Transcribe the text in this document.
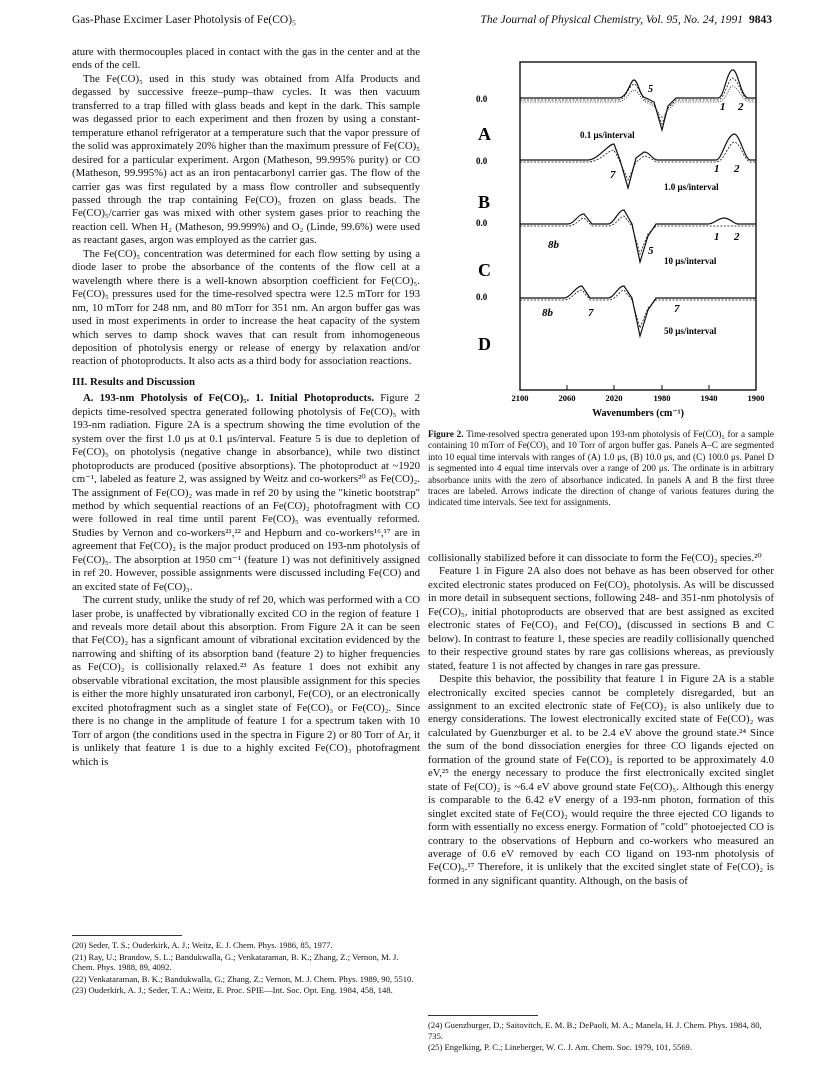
Gas-Phase Excimer Laser Photolysis of Fe(CO)₅	The Journal of Physical Chemistry, Vol. 95, No. 24, 1991 9843

ature with thermocouples placed in contact with the gas in the center and at the ends of the cell.

The Fe(CO)₅ used in this study was obtained from Alfa Products and degassed by successive freeze–pump–thaw cycles. It was then vacuum transferred to a trap filled with glass beads and kept in the dark. This sample was degassed prior to each experiment and then frozen by using a constant-temperature ethanol refrigerator at a temperature such that the vapor pressure of the solid was approximately 20% higher than the maximum pressure of Fe(CO)₅ desired for a particular experiment. Argon (Matheson, 99.995% purity) or CO (Matheson, 99.995%) act as an iron pentacarbonyl carrier gas. The flow of the carrier gas was first regulated by a mass flow controller and subsequently passed through the trap containing Fe(CO)₅ frozen on glass beads. The Fe(CO)₅/carrier gas was mixed with other system gases prior to reaching the reaction cell. When H₂ (Matheson, 99.999%) and O₂ (Linde, 99.6%) were used as reactant gases, argon was employed as the carrier gas.

The Fe(CO)₅ concentration was determined for each flow setting by using a diode laser to probe the absorbance of the contents of the flow cell at a wavelength where there is a well-known absorption coefficient for Fe(CO)₅. Fe(CO)₅ pressures used for the time-resolved spectra were 12.5 mTorr for 193 nm, 10 mTorr for 248 nm, and 80 mTorr for 351 nm. An argon buffer gas was used in most experiments in order to increase the heat capacity of the system which serves to damp shock waves that can result from inhomogeneous deposition of photolysis energy or release of energy by relaxation and/or reaction of photoproducts. It also acts as a third body for association reactions.

III. Results and Discussion

A. 193-nm Photolysis of Fe(CO)₅. 1. Initial Photoproducts. Figure 2 depicts time-resolved spectra generated following photolysis of Fe(CO)₅ with 193-nm radiation. Figure 2A is a spectrum showing the time evolution of the system over the first 1.0 μs at 0.1 μs/interval. Feature 5 is due to depletion of Fe(CO)₅ on photolysis (negative change in absorbance), while two distinct photoproducts are produced (positive absorptions). The photoproduct at ~1920 cm⁻¹, labeled as feature 2, was assigned by Weitz and co-workers²⁰ as Fe(CO)₂. The assignment of Fe(CO)₂ was made in ref 20 by using the "kinetic bootstrap" method by which sequential reactions of an Fe(CO)₂ photofragment with CO were followed in real time until parent Fe(CO)₅ was eventually reformed. Studies by Vernon and co-workers²¹,²² and Hepburn and co-workers¹⁶,¹⁷ are in agreement that Fe(CO)₂ is the major product produced on 193-nm photolysis of Fe(CO)₅. The absorption at 1950 cm⁻¹ (feature 1) was not definitively assigned in ref 20. However, possible assignments were discussed including Fe(CO) and an excited state of Fe(CO)₃.

The current study, unlike the study of ref 20, which was performed with a CO laser probe, is unaffected by vibrationally excited CO in the region of feature 1 and reveals more detail about this absorption. From Figure 2A it can be seen that Fe(CO)₂ has a signficant amount of vibrational excitation evidenced by the narrowing and shifting of its absorption band (feature 2) to higher frequencies as Fe(CO)₂ is collisionally relaxed.²³ As feature 1 does not exhibit any observable vibrational excitation, the most plausible assignment for this species is either the more highly unsaturated iron carbonyl, Fe(CO), or an electronically excited photofragment such as a singlet state of Fe(CO)₃ or Fe(CO)₂. Since there is no change in the amplitude of feature 1 for a spectrum taken with 10 Torr of argon (the conditions used in the spectra in Figure 2) or 80 Torr of Ar, it is unlikely that feature 1 is due to a highly excited Fe(CO)₃ photofragment which is

(20) Seder, T. S.; Ouderkirk, A. J.; Weitz, E. J. Chem. Phys. 1986, 85, 1977.
(21) Ray, U.; Brandow, S. L.; Bandukwalla, G.; Venkataraman, B. K.; Zhang, Z.; Vernon, M. J. Chem. Phys. 1988, 89, 4092.
(22) Venkataraman, B. K.; Bandukwalla, G.; Zhang, Z.; Vernon, M. J. Chem. Phys. 1989, 90, 5510.
(23) Ouderkirk, A. J.; Seder, T. A.; Weitz, E. Proc. SPIE—Int. Soc. Opt. Eng. 1984, 458, 148.
0.0
A
5
1 2
0.1 μs/interval
0.0
B
7	1 2
1.0 μs/interval
0.0
C
8b	5
1 2
10 μs/interval
0.0
D
8b	7	7
50 μs/interval
2100	2060	2020	1980	1940	1900
Wavenumbers (cm⁻¹)
Figure 2. Time-resolved spectra generated upon 193-nm photolysis of Fe(CO)₅ for a sample containing 10 mTorr of Fe(CO)₅ and 10 Torr of argon buffer gas. Panels A–C are segmented into 10 equal time intervals with ranges of (A) 1.0 μs, (B) 10.0 μs, and (C) 100.0 μs. Panel D is segmented into 4 equal time intervals over a range of 200 μs. The ordinate is in arbitrary absorbance units with the zero of absorbance indicated. In panels A and B the first three traces are labeled. Arrows indicate the direction of change of various features during the indicated time intervals. See text for assignments.

collisionally stabilized before it can dissociate to form the Fe(CO)₂ species.²⁰

Feature 1 in Figure 2A also does not behave as has been observed for other excited electronic states produced on Fe(CO)₅ photolysis. As will be discussed in more detail in subsequent sections, following 248- and 351-nm photolysis of Fe(CO)₅, initial photoproducts are observed that are best assigned as excited electronic states of Fe(CO)₃ and Fe(CO)₄ (discussed in sections B and C below). In contrast to feature 1, these species are readily collisionally quenched to their respective ground states by rare gas collisions whereas, as previously stated, feature 1 is not affected by changes in rare gas pressure.

Despite this behavior, the possibility that feature 1 in Figure 2A is a stable electronically excited species cannot be completely disregarded, but an assignment to an excited electronic state of Fe(CO)₂ is also unlikely due to energy considerations. The lowest electronically excited state of Fe(CO)₂ was calculated by Guenzburger et al. to be 2.4 eV above the ground state.²⁴ Since the sum of the bond dissociation energies for three CO ligands ejected on formation of the ground state of Fe(CO)₂ is reported to be approximately 4.0 eV,²⁵ the energy necessary to produce the first electronically excited singlet state of Fe(CO)₂ is ~6.4 eV above ground state Fe(CO)₅. Although this energy is comparable to the 6.42 eV energy of a 193-nm photon, formation of this singlet excited state of Fe(CO)₂ would require the three ejected CO ligands to form with essentially no excess energy. Formation of "cold" photoejected CO is contrary to the observations of Hepburn and co-workers who measured an average of 0.6 eV removed by each CO ligand on 193-nm photolysis of Fe(CO)₅.¹⁷ Therefore, it is unlikely that the excited singlet state of Fe(CO)₂ is formed in any significant quantity. Although, on the basis of

(24) Guenzburger, D.; Saitovitch, E. M. B.; DePaoli, M. A.; Manela, H. J. Chem. Phys. 1984, 80, 735.
(25) Engelking, P. C.; Lineberger, W. C. J. Am. Chem. Soc. 1979, 101, 5569.
